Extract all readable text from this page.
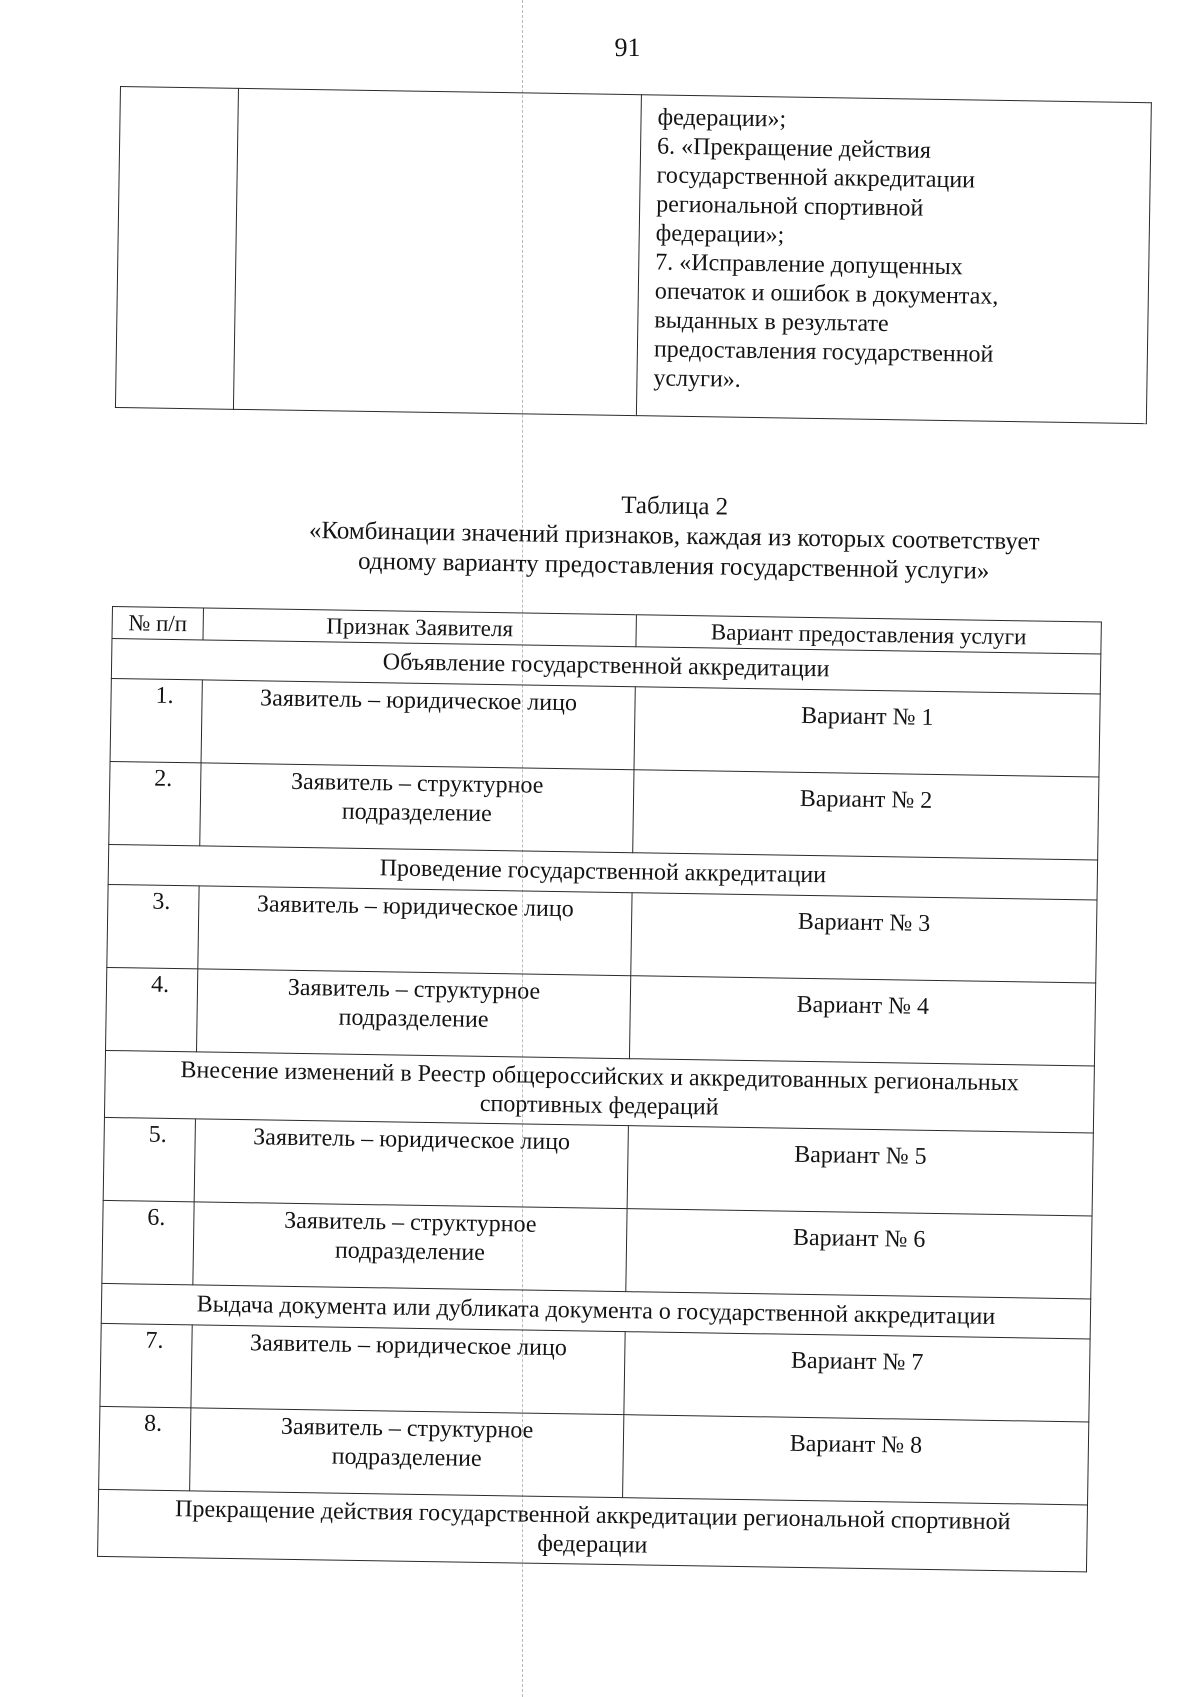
91

федерации»;
6. «Прекращение действия
государственной аккредитации
региональной спортивной
федерации»;
7. «Исправление допущенных
опечаток и ошибок в документах,
выданных в результате
предоставления государственной
услуги».
Таблица 2
«Комбинации значений признаков, каждая из которых соответствует
одному варианту предоставления государственной услуги»
№ п/п	Признак Заявителя	Вариант предоставления услуги
Объявление государственной аккредитации		
1.	Заявитель – юридическое лицо	Вариант № 1
2.	Заявитель – структурное
подразделение	Вариант № 2
Проведение государственной аккредитации		
3.	Заявитель – юридическое лицо	Вариант № 3
4.	Заявитель – структурное
подразделение	Вариант № 4

Внесение изменений в Реестр общероссийских и аккредитованных региональных
спортивных федераций		

5.	Заявитель – юридическое лицо	Вариант № 5
6.	Заявитель – структурное
подразделение	Вариант № 6
Выдача документа или дубликата документа о государственной аккредитации		
7.	Заявитель – юридическое лицо	Вариант № 7
8.	Заявитель – структурное
подразделение	Вариант № 8

Прекращение действия государственной аккредитации региональной спортивной
федерации		
